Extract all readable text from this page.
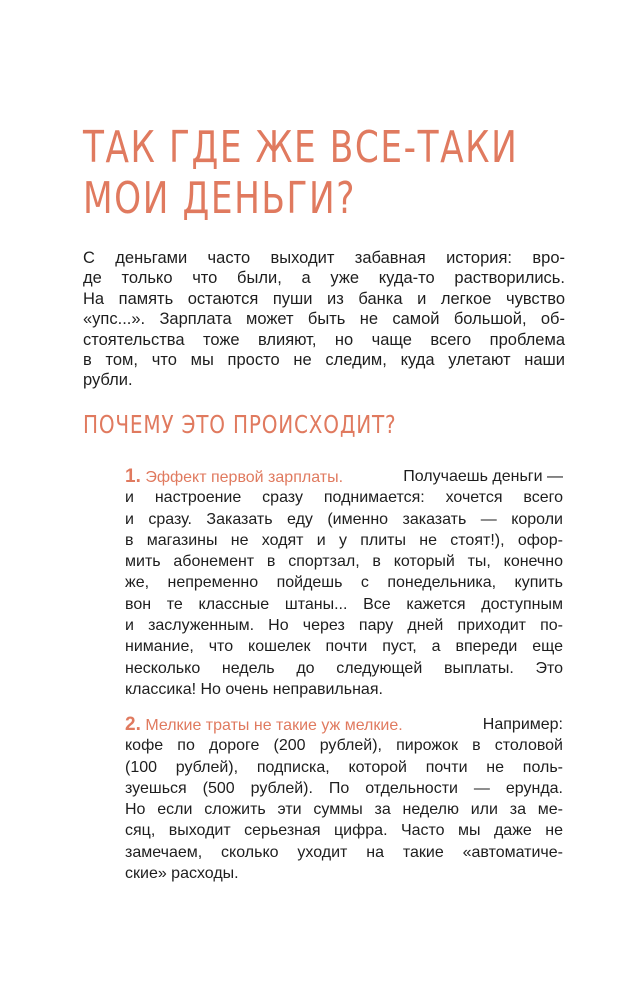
ТАК ГДЕ ЖЕ ВСЕ-ТАКИ
МОИ ДЕНЬГИ?
С деньгами часто выходит забавная история: вро-
де только что были, а уже куда-то растворились.
На память остаются пуши из банка и легкое чувство
«упс...». Зарплата может быть не самой большой, об-
стоятельства тоже влияют, но чаще всего проблема
в том, что мы просто не следим, куда улетают наши
рубли.
ПОЧЕМУ ЭТО ПРОИСХОДИТ?
1. Эффект первой зарплаты.	Получаешь деньги —
и настроение сразу поднимается: хочется всего
и сразу. Заказать еду (именно заказать — короли
в магазины не ходят и у плиты не стоят!), офор-
мить абонемент в спортзал, в который ты, конечно
же, непременно пойдешь с понедельника, купить
вон те классные штаны... Все кажется доступным
и заслуженным. Но через пару дней приходит по-
нимание, что кошелек почти пуст, а впереди еще
несколько недель до следующей выплаты. Это
классика! Но очень неправильная.
2. Мелкие траты не такие уж мелкие.	Например:
кофе по дороге (200 рублей), пирожок в столовой
(100 рублей), подписка, которой почти не поль-
зуешься (500 рублей). По отдельности — ерунда.
Но если сложить эти суммы за неделю или за ме-
сяц, выходит серьезная цифра. Часто мы даже не
замечаем, сколько уходит на такие «автоматиче-
ские» расходы.
